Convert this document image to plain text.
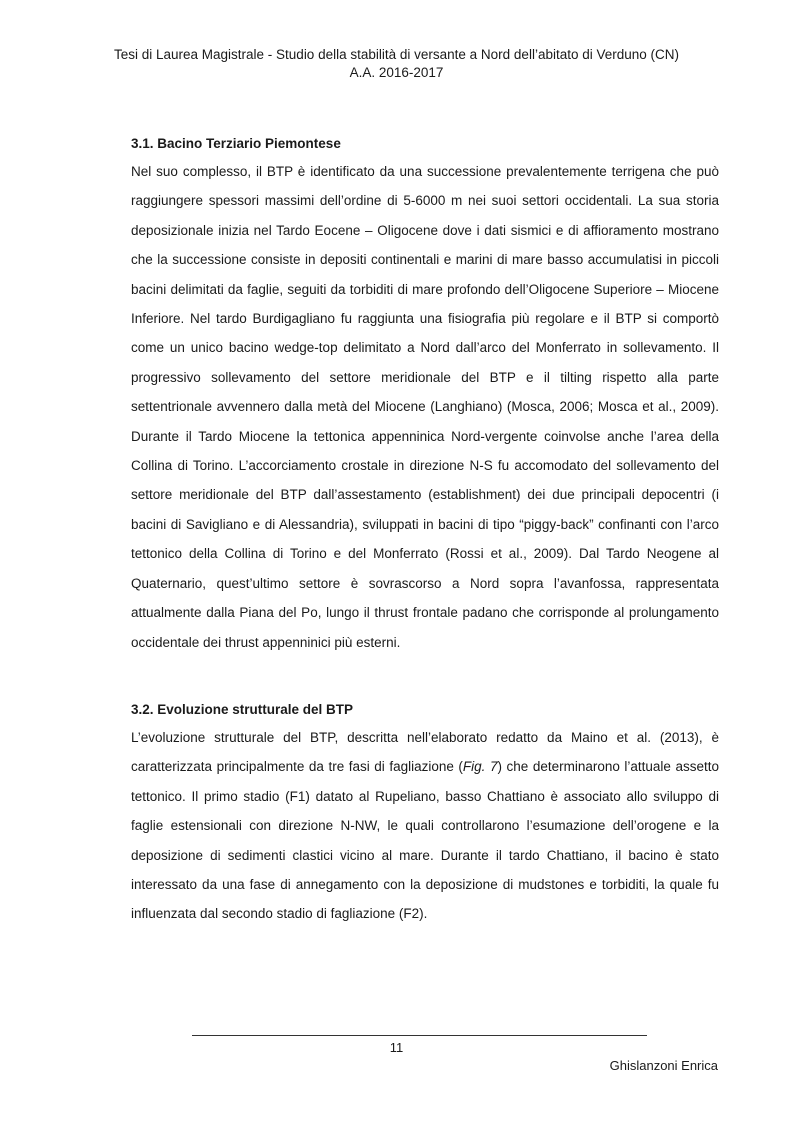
Tesi di Laurea Magistrale - Studio della stabilità di versante a Nord dell’abitato di Verduno (CN)
A.A. 2016-2017

3.1. Bacino Terziario Piemontese

Nel suo complesso, il BTP è identificato da una successione prevalentemente terrigena che può raggiungere spessori massimi dell’ordine di 5-6000 m nei suoi settori occidentali. La sua storia deposizionale inizia nel Tardo Eocene – Oligocene dove i dati sismici e di affioramento mostrano che la successione consiste in depositi continentali e marini di mare basso accumulatisi in piccoli bacini delimitati da faglie, seguiti da torbiditi di mare profondo dell’Oligocene Superiore – Miocene Inferiore. Nel tardo Burdigagliano fu raggiunta una fisiografia più regolare e il BTP si comportò come un unico bacino wedge-top delimitato a Nord dall’arco del Monferrato in sollevamento. Il progressivo sollevamento del settore meridionale del BTP e il tilting rispetto alla parte settentrionale avvennero dalla metà del Miocene (Langhiano) (Mosca, 2006; Mosca et al., 2009). Durante il Tardo Miocene la tettonica appenninica Nord-vergente coinvolse anche l’area della Collina di Torino. L’accorciamento crostale in direzione N-S fu accomodato del sollevamento del settore meridionale del BTP dall’assestamento (establishment) dei due principali depocentri (i bacini di Savigliano e di Alessandria), sviluppati in bacini di tipo “piggy-back” confinanti con l’arco tettonico della Collina di Torino e del Monferrato (Rossi et al., 2009). Dal Tardo Neogene al Quaternario, quest’ultimo settore è sovrascorso a Nord sopra l’avanfossa, rappresentata attualmente dalla Piana del Po, lungo il thrust frontale padano che corrisponde al prolungamento occidentale dei thrust appenninici più esterni.

3.2. Evoluzione strutturale del BTP

L’evoluzione strutturale del BTP, descritta nell’elaborato redatto da Maino et al. (2013), è caratterizzata principalmente da tre fasi di fagliazione (Fig. 7) che determinarono l’attuale assetto tettonico. Il primo stadio (F1) datato al Rupeliano, basso Chattiano è associato allo sviluppo di faglie estensionali con direzione N-NW, le quali controllarono l’esumazione dell’orogene e la deposizione di sedimenti clastici vicino al mare. Durante il tardo Chattiano, il bacino è stato interessato da una fase di annegamento con la deposizione di mudstones e torbiditi, la quale fu influenzata dal secondo stadio di fagliazione (F2).

11
Ghislanzoni Enrica
